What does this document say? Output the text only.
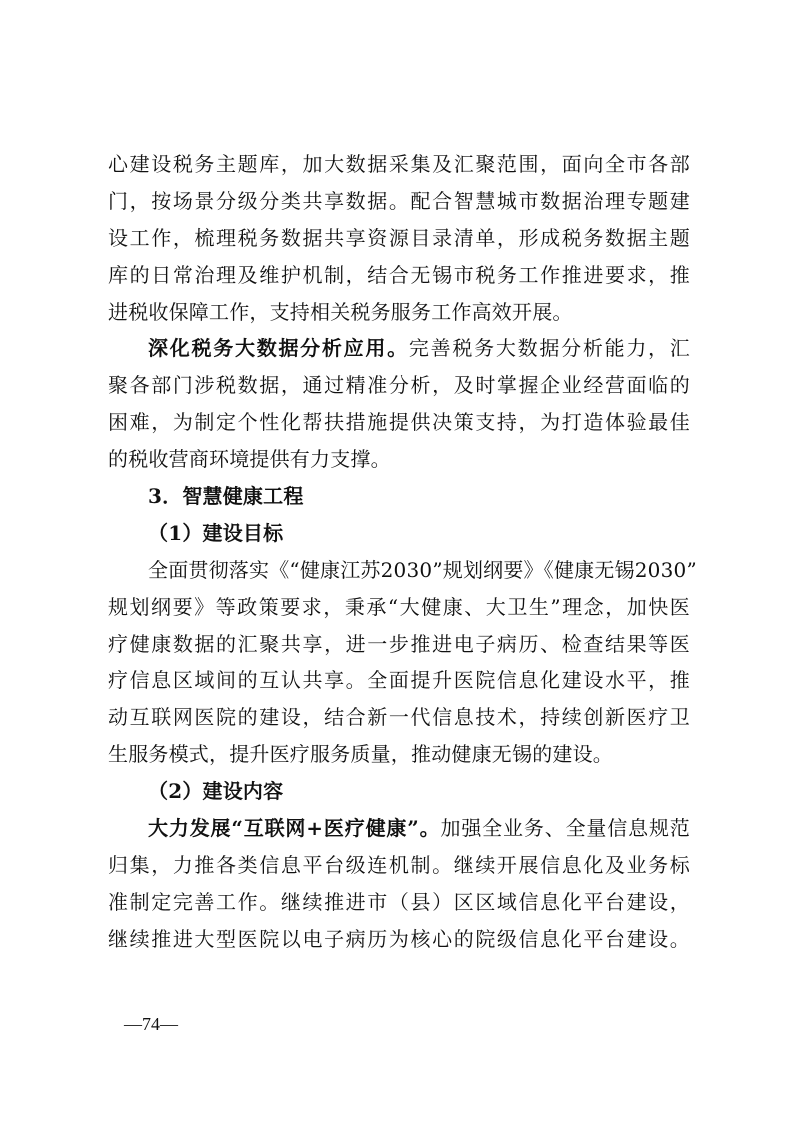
心建设税务主题库，加大数据采集及汇聚范围，面向全市各部
门，按场景分级分类共享数据。配合智慧城市数据治理专题建
设工作，梳理税务数据共享资源目录清单，形成税务数据主题
库的日常治理及维护机制，结合无锡市税务工作推进要求，推
进税收保障工作，支持相关税务服务工作高效开展。
深化税务大数据分析应用。完善税务大数据分析能力，汇
聚各部门涉税数据，通过精准分析，及时掌握企业经营面临的
困难，为制定个性化帮扶措施提供决策支持，为打造体验最佳
的税收营商环境提供有力支撑。
3．智慧健康工程
（1）建设目标
全面贯彻落实《“健康江苏2030”规划纲要》《健康无锡2030”
规划纲要》等政策要求，秉承“大健康、大卫生”理念，加快医
疗健康数据的汇聚共享，进一步推进电子病历、检查结果等医
疗信息区域间的互认共享。全面提升医院信息化建设水平，推
动互联网医院的建设，结合新一代信息技术，持续创新医疗卫
生服务模式，提升医疗服务质量，推动健康无锡的建设。
（2）建设内容
大力发展“互联网+医疗健康”。加强全业务、全量信息规范
归集，力推各类信息平台级连机制。继续开展信息化及业务标
准制定完善工作。继续推进市（县）区区域信息化平台建设，
继续推进大型医院以电子病历为核心的院级信息化平台建设。
—74—
